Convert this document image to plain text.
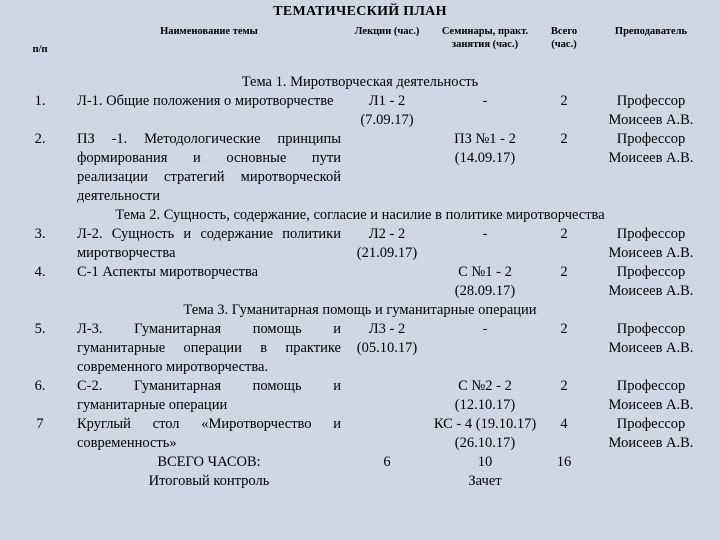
ТЕМАТИЧЕСКИЙ ПЛАН
п/п	Наименование темы	Лекции (час.)	Семинары, практ. занятия (час.)	Всего (час.)	Преподаватель
Тема 1. Миротворческая деятельность					
1.	Л-1. Общие положения о миротворчестве	Л1 - 2 (7.09.17)	-	2	Профессор Моисеев А.В.
2.	ПЗ -1. Методологические принципы формирования и основные пути реализации стратегий миротворческой деятельности		ПЗ №1 - 2 (14.09.17)	2	Профессор Моисеев А.В.
Тема 2. Сущность, содержание, согласие и насилие в политике миротворчества					
3.	Л-2. Сущность и содержание политики миротворчества	Л2 - 2 (21.09.17)	-	2	Профессор Моисеев А.В.
4.	С-1 Аспекты миротворчества		С №1 - 2 (28.09.17)	2	Профессор Моисеев А.В.
Тема 3. Гуманитарная помощь и гуманитарные операции					
5.	Л-3. Гуманитарная помощь и гуманитарные операции в практике современного миротворчества.	Л3 - 2 (05.10.17)	-	2	Профессор Моисеев А.В.
6.	С-2. Гуманитарная помощь и гуманитарные операции		С №2 - 2 (12.10.17)	2	Профессор Моисеев А.В.
7	Круглый стол «Миротворчество и современность»		КС - 4 (19.10.17) (26.10.17)	4	Профессор Моисеев А.В.
	ВСЕГО ЧАСОВ:	6	10	16	
	Итоговый контроль		Зачет		
